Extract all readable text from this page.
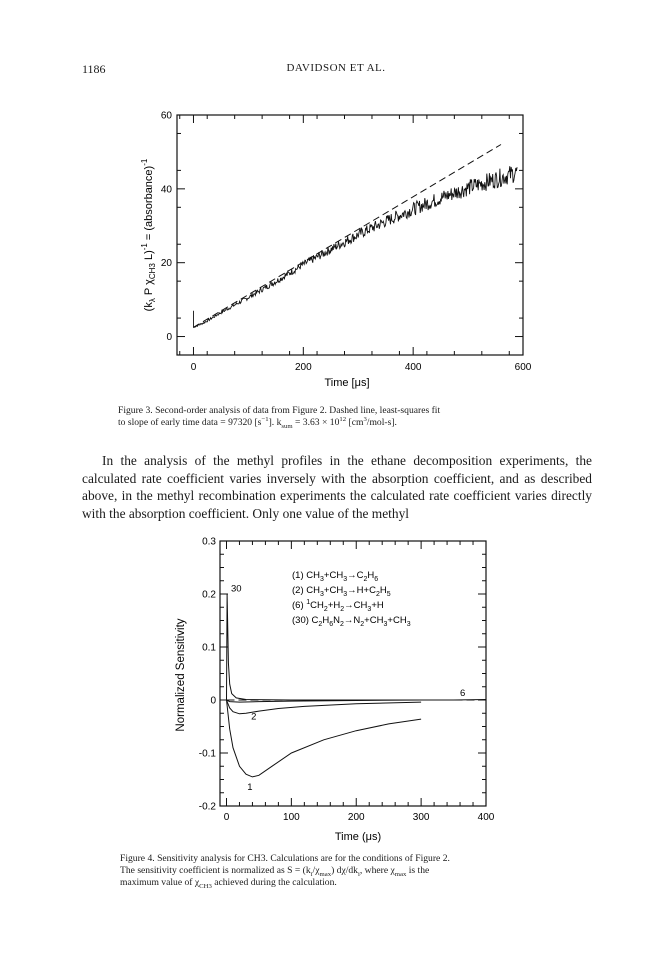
1186	DAVIDSON ET AL.
0	200	400	600
0
20
40
60
Time [μs]
($k_\lambda$ P $\chi_{CH3}$ L)$^{-1}$ = (absorbance)$^{-1}$
Figure 3. Second-order analysis of data from Figure 2. Dashed line, least-squares fit
to slope of early time data = 97320 $[s^{-1}]$. $k_{sum} = 3.63 \times 10^{12}$ $[cm^3/mol-s]$.
In the analysis of the methyl profiles in the ethane decomposition experiments, the calculated rate coefficient varies inversely with the absorption coefficient, and as described above, in the methyl recombination experiments the calculated rate coefficient varies directly with the absorption coefficient. Only one value of the methyl
0	100	200	300	400
-0.2
-0.1
0
0.1
0.2
0.3
1
2
6
30
(1) CH3+CH3→C2H6
(2) CH3+CH3→H+C2H5
(6) 1CH2+H2→CH3+H
(30) C2H6N2→N2+CH3+CH3
Time (μs)
Normalized Sensitivity
Figure 4. Sensitivity analysis for CH3. Calculations are for the conditions of Figure 2.
The sensitivity coefficient is normalized as $S = (k_i/\chi_{max})$ $d\chi/dk_i$, where $\chi_{max}$ is the
maximum value of $\chi_{CH3}$ achieved during the calculation.
